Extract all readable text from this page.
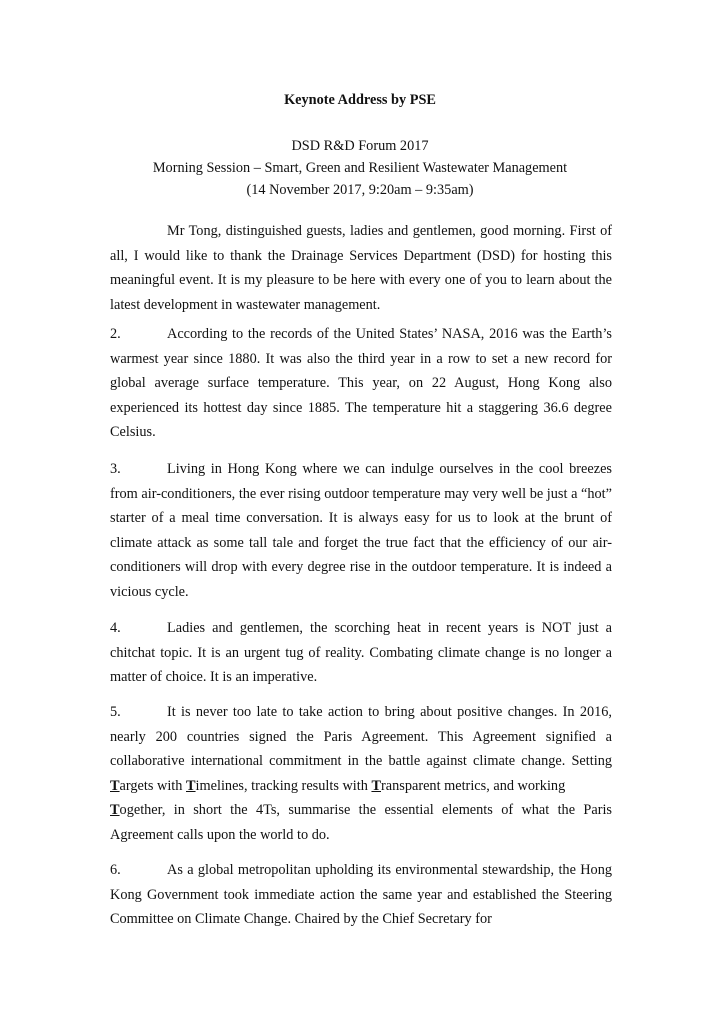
Keynote Address by PSE

DSD R&D Forum 2017

Morning Session – Smart, Green and Resilient Wastewater Management

(14 November 2017, 9:20am – 9:35am)

Mr Tong, distinguished guests, ladies and gentlemen, good morning. First of all, I would like to thank the Drainage Services Department (DSD) for hosting this meaningful event. It is my pleasure to be here with every one of you to learn about the latest development in wastewater management.

2.	According to the records of the United States’ NASA, 2016 was the Earth’s warmest year since 1880. It was also the third year in a row to set a new record for global average surface temperature. This year, on 22 August, Hong Kong also experienced its hottest day since 1885. The temperature hit a staggering 36.6 degree Celsius.

3.	Living in Hong Kong where we can indulge ourselves in the cool breezes from air-conditioners, the ever rising outdoor temperature may very well be just a “hot” starter of a meal time conversation. It is always easy for us to look at the brunt of climate attack as some tall tale and forget the true fact that the efficiency of our air-conditioners will drop with every degree rise in the outdoor temperature. It is indeed a vicious cycle.

4.	Ladies and gentlemen, the scorching heat in recent years is NOT just a chitchat topic. It is an urgent tug of reality. Combating climate change is no longer a matter of choice. It is an imperative.

5.	It is never too late to take action to bring about positive changes. In 2016, nearly 200 countries signed the Paris Agreement. This Agreement signified a collaborative international commitment in the battle against climate change. Setting Targets with Timelines, tracking results with Transparent metrics, and working
Together, in short the 4Ts, summarise the essential elements of what the Paris Agreement calls upon the world to do.

6.	As a global metropolitan upholding its environmental stewardship, the Hong Kong Government took immediate action the same year and established the Steering Committee on Climate Change. Chaired by the Chief Secretary for
